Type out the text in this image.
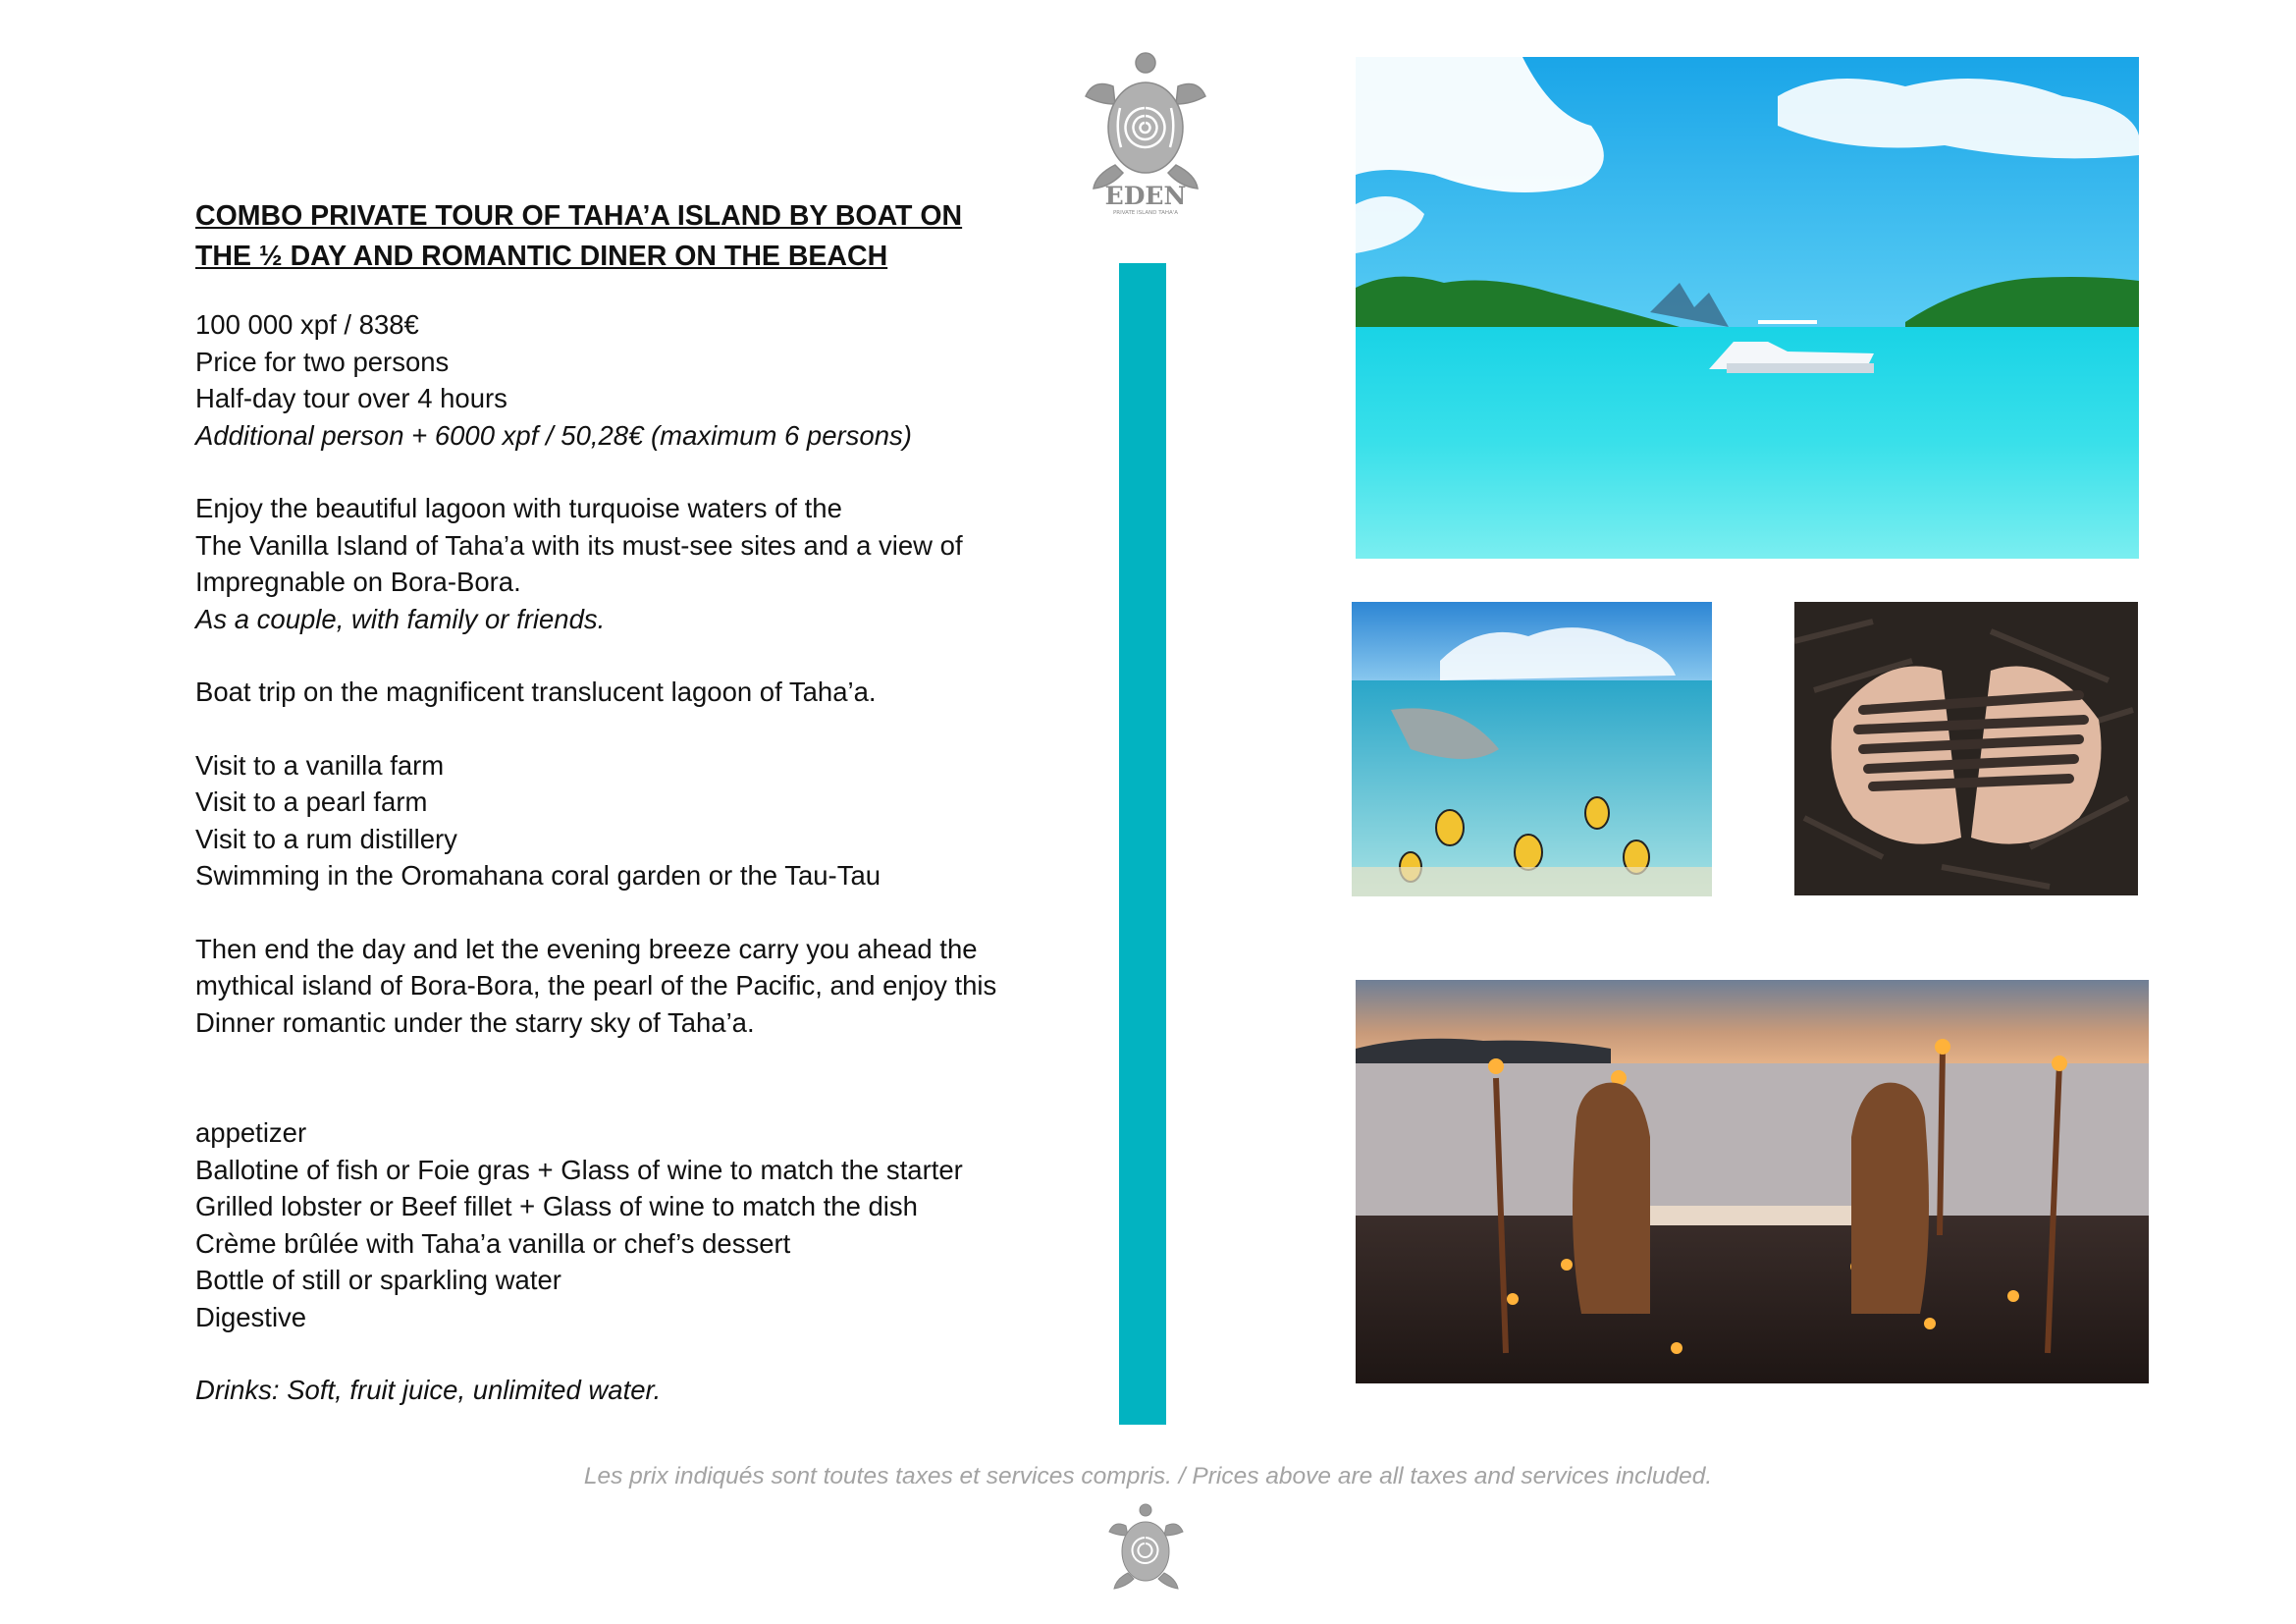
EDEN
PRIVATE ISLAND TAHA'A
COMBO PRIVATE TOUR OF TAHA’A ISLAND BY BOAT ON
THE ½ DAY AND ROMANTIC DINER ON THE BEACH
100 000 xpf / 838€
Price for two persons
Half-day tour over 4 hours
Additional person + 6000 xpf / 50,28€ (maximum 6 persons)
Enjoy the beautiful lagoon with turquoise waters of the
The Vanilla Island of Taha’a with its must-see sites and a view of
Impregnable on Bora-Bora.
As a couple, with family or friends.
Boat trip on the magnificent translucent lagoon of Taha’a.
Visit to a vanilla farm
Visit to a pearl farm
Visit to a rum distillery
Swimming in the Oromahana coral garden or the Tau-Tau
Then end the day and let the evening breeze carry you ahead the
mythical island of Bora-Bora, the pearl of the Pacific, and enjoy this
Dinner romantic under the starry sky of Taha’a.
appetizer
Ballotine of fish or Foie gras + Glass of wine to match the starter
Grilled lobster or Beef fillet + Glass of wine to match the dish
Crème brûlée with Taha’a vanilla or chef’s dessert
Bottle of still or sparkling water
Digestive
Drinks: Soft, fruit juice, unlimited water.
Les prix indiqués sont toutes taxes et services compris. / Prices above are all taxes and services included.
